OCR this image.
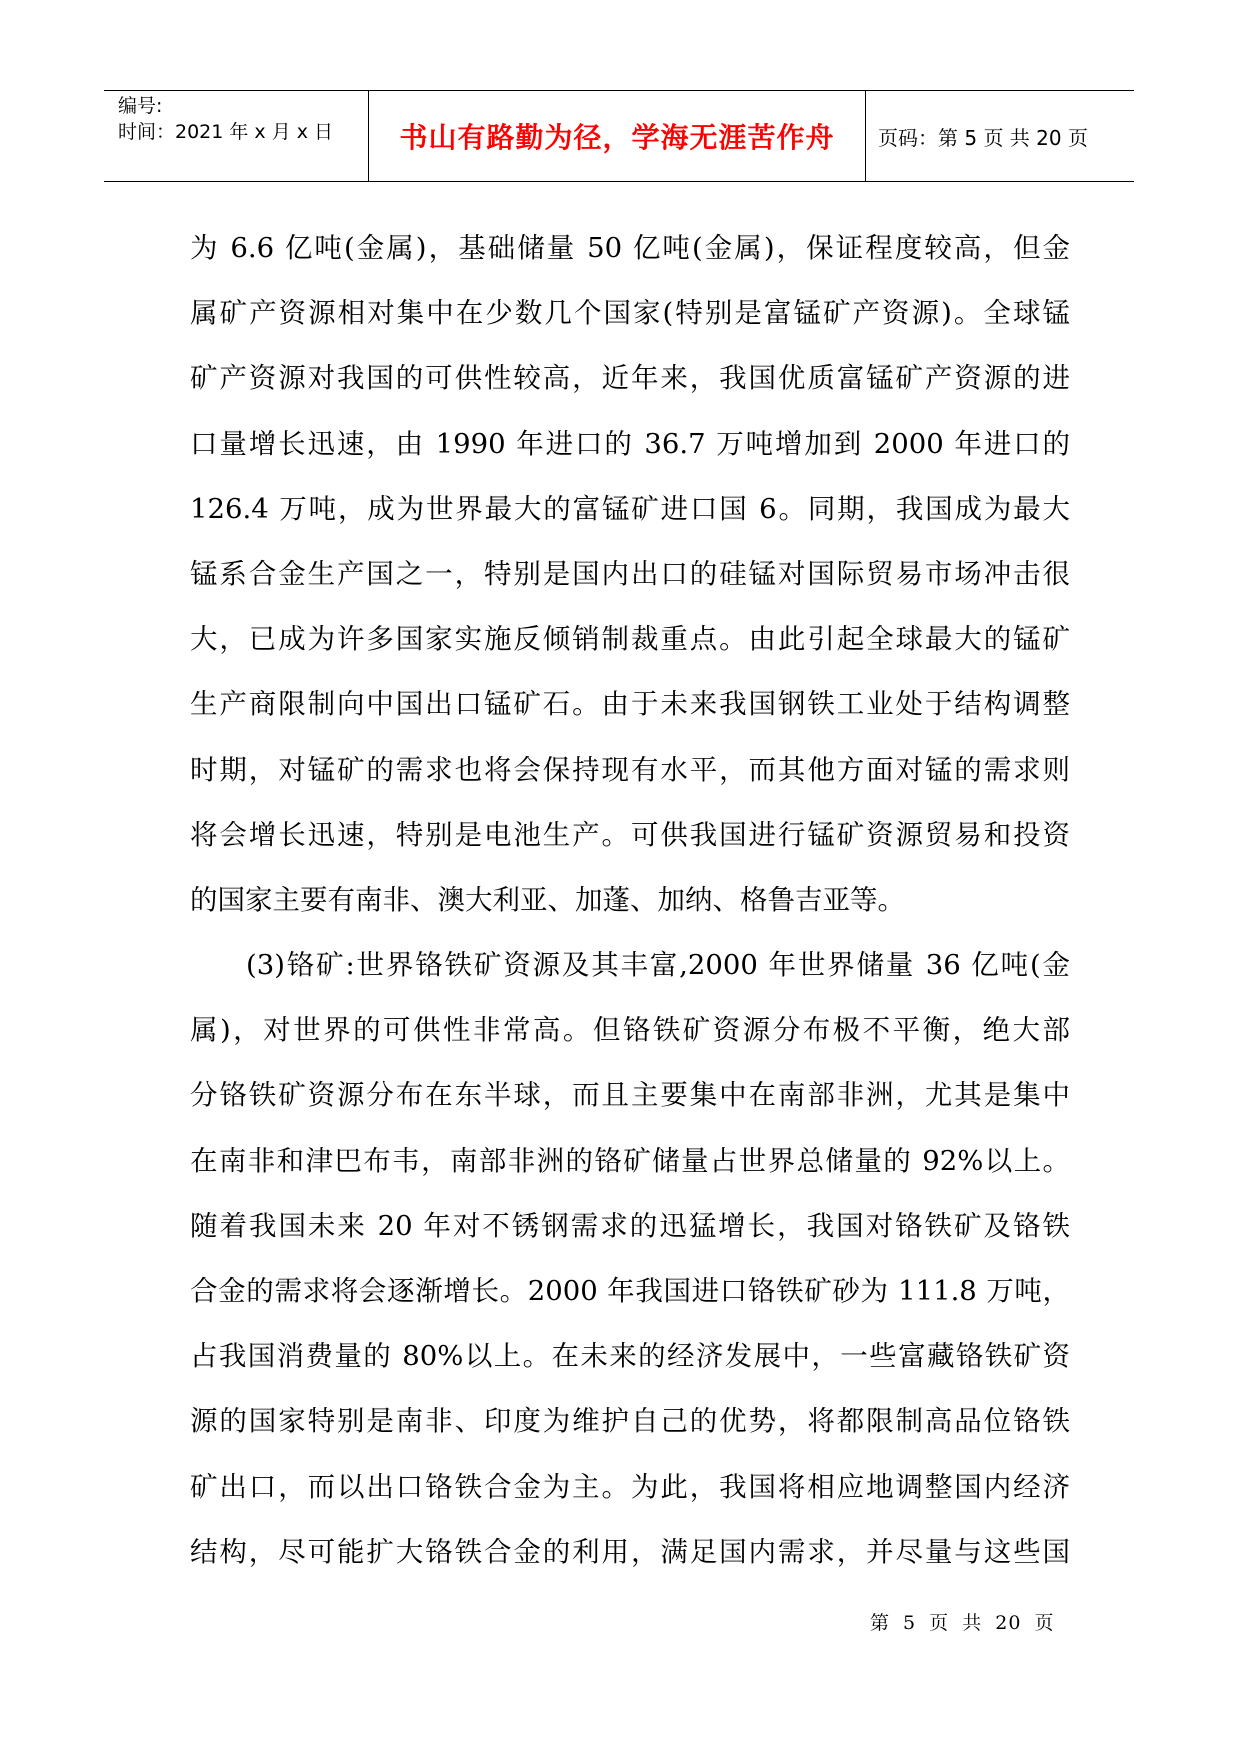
编号:
时间：2021 年 x 月 x 日	书山有路勤为径，学海无涯苦作舟	页码：第 5 页 共 20 页
为 6.6 亿吨(金属)，基础储量 50 亿吨(金属)，保证程度较高，但金
属矿产资源相对集中在少数几个国家(特别是富锰矿产资源)。全球锰
矿产资源对我国的可供性较高，近年来，我国优质富锰矿产资源的进
口量增长迅速，由 1990 年进口的 36.7 万吨增加到 2000 年进口的
126.4 万吨，成为世界最大的富锰矿进口国 6。同期，我国成为最大
锰系合金生产国之一，特别是国内出口的硅锰对国际贸易市场冲击很
大，已成为许多国家实施反倾销制裁重点。由此引起全球最大的锰矿
生产商限制向中国出口锰矿石。由于未来我国钢铁工业处于结构调整
时期，对锰矿的需求也将会保持现有水平，而其他方面对锰的需求则
将会增长迅速，特别是电池生产。可供我国进行锰矿资源贸易和投资
的国家主要有南非、澳大利亚、加蓬、加纳、格鲁吉亚等。
(3)铬矿:世界铬铁矿资源及其丰富,2000 年世界储量 36 亿吨(金
属)，对世界的可供性非常高。但铬铁矿资源分布极不平衡，绝大部
分铬铁矿资源分布在东半球，而且主要集中在南部非洲，尤其是集中
在南非和津巴布韦，南部非洲的铬矿储量占世界总储量的 92%以上。
随着我国未来 20 年对不锈钢需求的迅猛增长，我国对铬铁矿及铬铁
合金的需求将会逐渐增长。2000 年我国进口铬铁矿砂为 111.8 万吨，
占我国消费量的 80%以上。在未来的经济发展中，一些富藏铬铁矿资
源的国家特别是南非、印度为维护自己的优势，将都限制高品位铬铁
矿出口，而以出口铬铁合金为主。为此，我国将相应地调整国内经济
结构，尽可能扩大铬铁合金的利用，满足国内需求，并尽量与这些国
第 5 页 共 20 页
